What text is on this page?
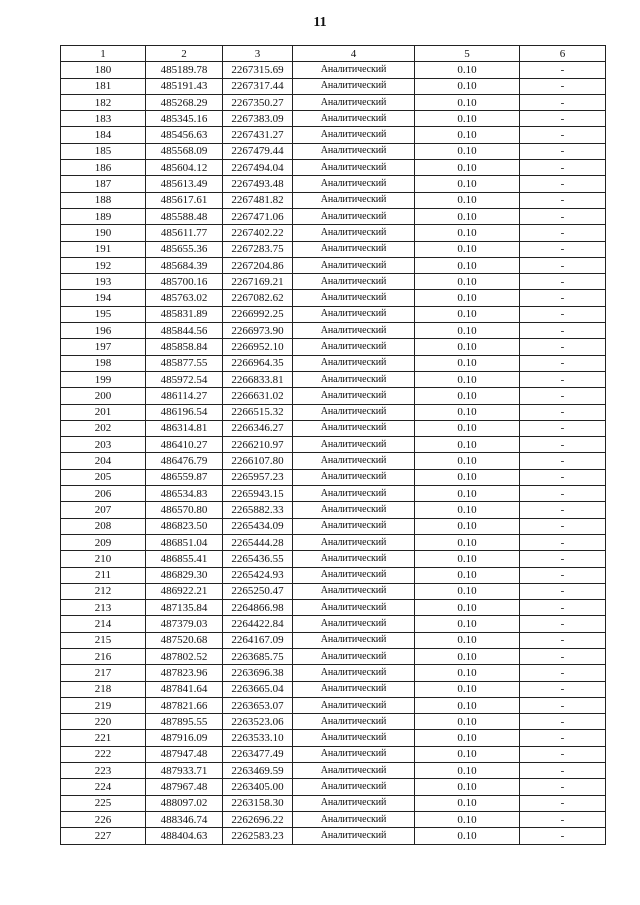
11
1	2	3	4	5	6
180	485189.78	2267315.69	Аналитический	0.10	-
181	485191.43	2267317.44	Аналитический	0.10	-
182	485268.29	2267350.27	Аналитический	0.10	-
183	485345.16	2267383.09	Аналитический	0.10	-
184	485456.63	2267431.27	Аналитический	0.10	-
185	485568.09	2267479.44	Аналитический	0.10	-
186	485604.12	2267494.04	Аналитический	0.10	-
187	485613.49	2267493.48	Аналитический	0.10	-
188	485617.61	2267481.82	Аналитический	0.10	-
189	485588.48	2267471.06	Аналитический	0.10	-
190	485611.77	2267402.22	Аналитический	0.10	-
191	485655.36	2267283.75	Аналитический	0.10	-
192	485684.39	2267204.86	Аналитический	0.10	-
193	485700.16	2267169.21	Аналитический	0.10	-
194	485763.02	2267082.62	Аналитический	0.10	-
195	485831.89	2266992.25	Аналитический	0.10	-
196	485844.56	2266973.90	Аналитический	0.10	-
197	485858.84	2266952.10	Аналитический	0.10	-
198	485877.55	2266964.35	Аналитический	0.10	-
199	485972.54	2266833.81	Аналитический	0.10	-
200	486114.27	2266631.02	Аналитический	0.10	-
201	486196.54	2266515.32	Аналитический	0.10	-
202	486314.81	2266346.27	Аналитический	0.10	-
203	486410.27	2266210.97	Аналитический	0.10	-
204	486476.79	2266107.80	Аналитический	0.10	-
205	486559.87	2265957.23	Аналитический	0.10	-
206	486534.83	2265943.15	Аналитический	0.10	-
207	486570.80	2265882.33	Аналитический	0.10	-
208	486823.50	2265434.09	Аналитический	0.10	-
209	486851.04	2265444.28	Аналитический	0.10	-
210	486855.41	2265436.55	Аналитический	0.10	-
211	486829.30	2265424.93	Аналитический	0.10	-
212	486922.21	2265250.47	Аналитический	0.10	-
213	487135.84	2264866.98	Аналитический	0.10	-
214	487379.03	2264422.84	Аналитический	0.10	-
215	487520.68	2264167.09	Аналитический	0.10	-
216	487802.52	2263685.75	Аналитический	0.10	-
217	487823.96	2263696.38	Аналитический	0.10	-
218	487841.64	2263665.04	Аналитический	0.10	-
219	487821.66	2263653.07	Аналитический	0.10	-
220	487895.55	2263523.06	Аналитический	0.10	-
221	487916.09	2263533.10	Аналитический	0.10	-
222	487947.48	2263477.49	Аналитический	0.10	-
223	487933.71	2263469.59	Аналитический	0.10	-
224	487967.48	2263405.00	Аналитический	0.10	-
225	488097.02	2263158.30	Аналитический	0.10	-
226	488346.74	2262696.22	Аналитический	0.10	-
227	488404.63	2262583.23	Аналитический	0.10	-
